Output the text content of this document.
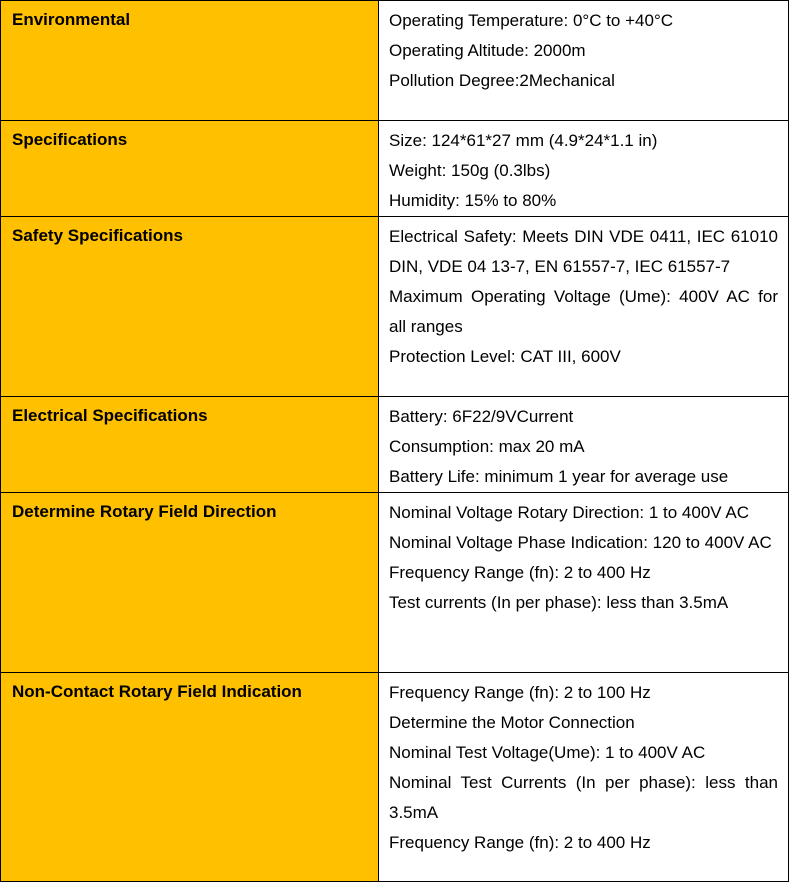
Environmental	Operating Temperature: 0°C to +40°C
Operating Altitude: 2000m
Pollution Degree:2Mechanical

Specifications	Size: 124*61*27 mm (4.9*24*1.1 in)
Weight: 150g (0.3lbs)
Humidity: 15% to 80%

Safety Specifications	Electrical Safety: Meets DIN VDE 0411, IEC 61010 DIN, VDE 04 13-7, EN 61557-7, IEC 61557-7
Maximum Operating Voltage (Ume): 400V AC for all ranges
Protection Level: CAT III, 600V

Electrical Specifications	Battery: 6F22/9VCurrent
Consumption: max 20 mA
Battery Life: minimum 1 year for average use

Determine Rotary Field Direction	Nominal Voltage Rotary Direction: 1 to 400V AC
Nominal Voltage Phase Indication: 120 to 400V AC
Frequency Range (fn): 2 to 400 Hz
Test currents (In per phase): less than 3.5mA

Non-Contact Rotary Field Indication	Frequency Range (fn): 2 to 100 Hz
Determine the Motor Connection
Nominal Test Voltage(Ume): 1 to 400V AC
Nominal Test Currents (In per phase): less than 3.5mA
Frequency Range (fn): 2 to 400 Hz
